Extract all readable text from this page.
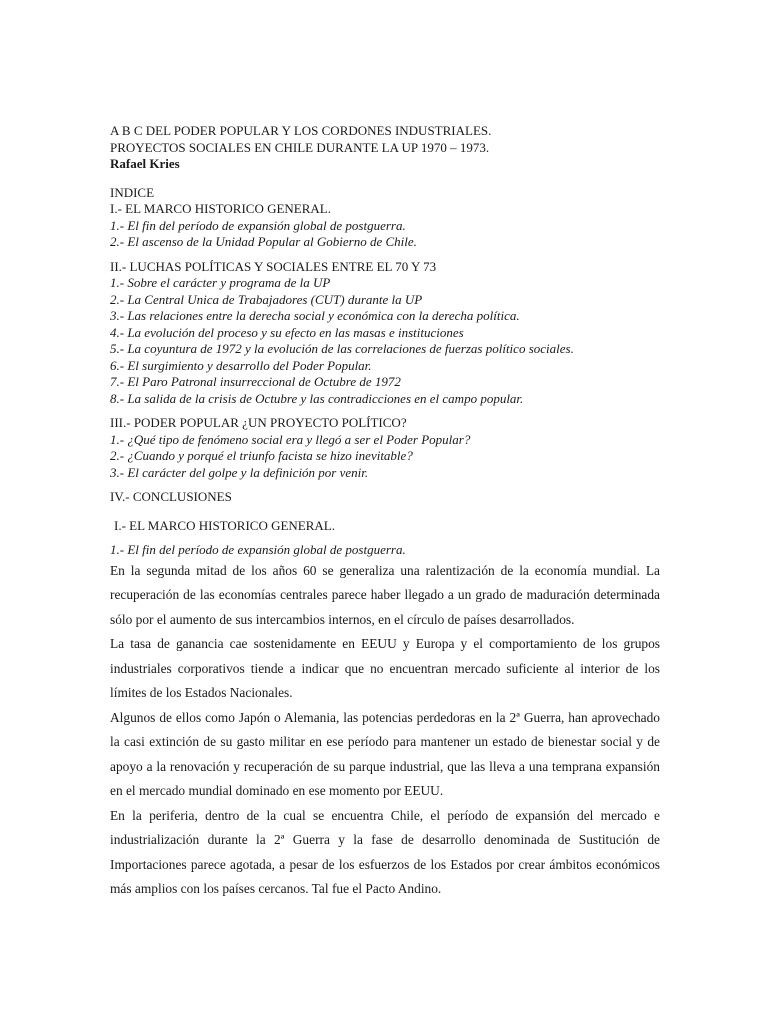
A B C DEL PODER POPULAR Y LOS CORDONES INDUSTRIALES.
PROYECTOS SOCIALES EN CHILE DURANTE LA UP 1970 – 1973.
Rafael Kries
INDICE
I.- EL MARCO HISTORICO GENERAL.
1.- El fin del período de expansión global de postguerra.
2.- El ascenso de la Unidad Popular al Gobierno de Chile.
II.- LUCHAS POLÍTICAS Y SOCIALES ENTRE EL 70 Y 73
1.- Sobre el carácter y programa de la UP
2.- La Central Unica de Trabajadores (CUT) durante la UP
3.- Las relaciones entre la derecha social y económica con la derecha política.
4.- La evolución del proceso y su efecto en las masas e instituciones
5.- La coyuntura de 1972 y la evolución de las correlaciones de fuerzas político sociales.
6.- El surgimiento y desarrollo del Poder Popular.
7.- El Paro Patronal insurreccional de Octubre de 1972
8.- La salida de la crisis de Octubre y las contradicciones en el campo popular.
III.- PODER POPULAR ¿UN PROYECTO POLÍTICO?
1.- ¿Qué tipo de fenómeno social era y llegó a ser el Poder Popular?
2.- ¿Cuando y porqué el triunfo facista se hizo inevitable?
3.- El carácter del golpe y la definición por venir.
IV.- CONCLUSIONES
I.- EL MARCO HISTORICO GENERAL.
1.- El fin del período de expansión global de postguerra.

En la segunda mitad de los años 60 se generaliza una ralentización de la economía mundial. La recuperación de las economías centrales parece haber llegado a un grado de maduración determinada sólo por el aumento de sus intercambios internos, en el círculo de países desarrollados.

La tasa de ganancia cae sostenidamente en EEUU y Europa y el comportamiento de los grupos industriales corporativos tiende a indicar que no encuentran mercado suficiente al interior de los límites de los Estados Nacionales.

Algunos de ellos como Japón o Alemania, las potencias perdedoras en la 2ª Guerra, han aprovechado la casi extinción de su gasto militar en ese período para mantener un estado de bienestar social y de apoyo a la renovación y recuperación de su parque industrial, que las lleva a una temprana expansión en el mercado mundial dominado en ese momento por EEUU.

En la periferia, dentro de la cual se encuentra Chile, el período de expansión del mercado e industrialización durante la 2ª Guerra y la fase de desarrollo denominada de Sustitución de Importaciones parece agotada, a pesar de los esfuerzos de los Estados por crear ámbitos económicos más amplios con los países cercanos. Tal fue el Pacto Andino.
